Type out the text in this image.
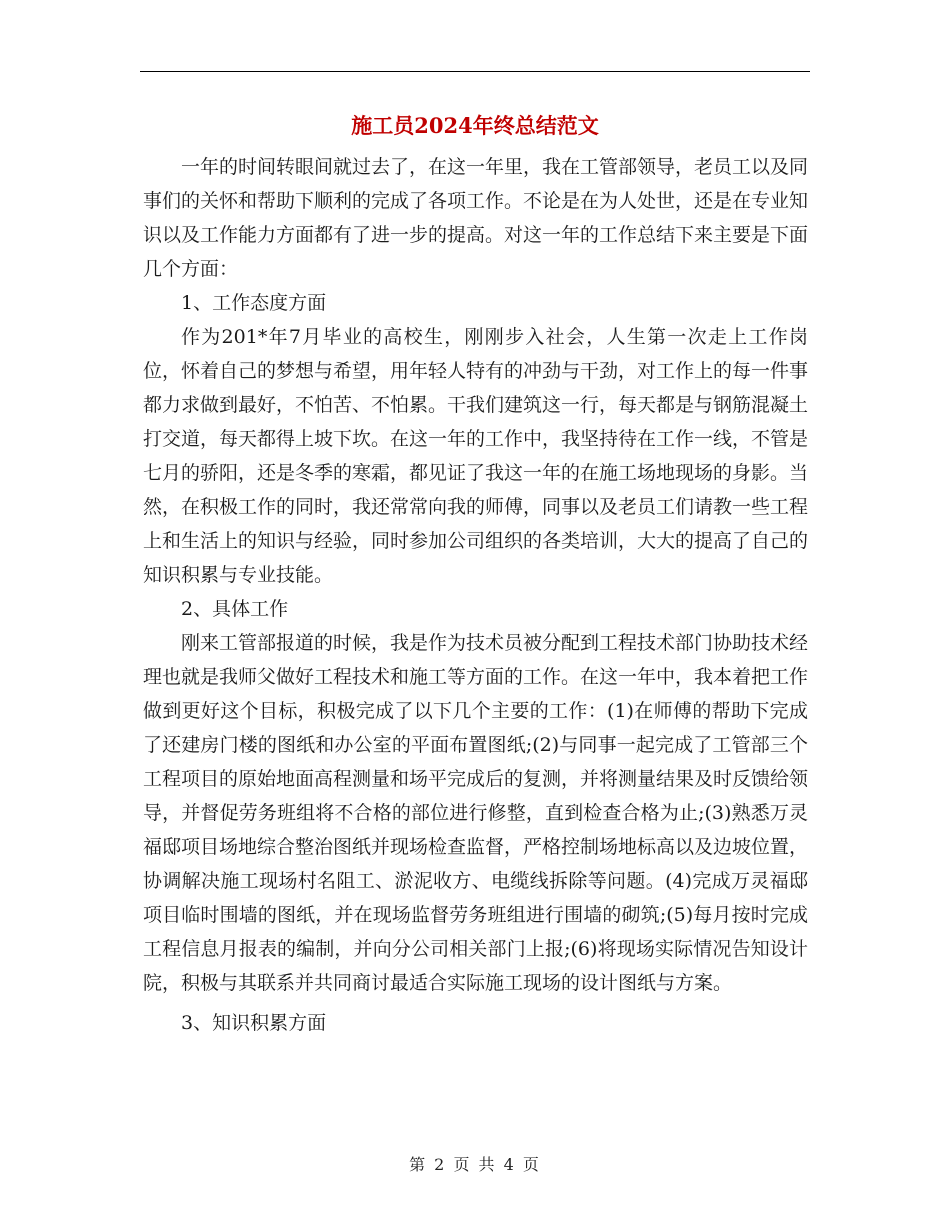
施工员2024年终总结范文

一年的时间转眼间就过去了，在这一年里，我在工管部领导，老员工以及同事们的关怀和帮助下顺利的完成了各项工作。不论是在为人处世，还是在专业知识以及工作能力方面都有了进一步的提高。对这一年的工作总结下来主要是下面几个方面：

1、工作态度方面

作为201*年7月毕业的高校生，刚刚步入社会，人生第一次走上工作岗位，怀着自己的梦想与希望，用年轻人特有的冲劲与干劲，对工作上的每一件事都力求做到最好，不怕苦、不怕累。干我们建筑这一行，每天都是与钢筋混凝土打交道，每天都得上坡下坎。在这一年的工作中，我坚持待在工作一线，不管是七月的骄阳，还是冬季的寒霜，都见证了我这一年的在施工场地现场的身影。当然，在积极工作的同时，我还常常向我的师傅，同事以及老员工们请教一些工程上和生活上的知识与经验，同时参加公司组织的各类培训，大大的提高了自己的知识积累与专业技能。

2、具体工作

刚来工管部报道的时候，我是作为技术员被分配到工程技术部门协助技术经理也就是我师父做好工程技术和施工等方面的工作。在这一年中，我本着把工作做到更好这个目标，积极完成了以下几个主要的工作：(1)在师傅的帮助下完成了还建房门楼的图纸和办公室的平面布置图纸;(2)与同事一起完成了工管部三个工程项目的原始地面高程测量和场平完成后的复测，并将测量结果及时反馈给领导，并督促劳务班组将不合格的部位进行修整，直到检查合格为止;(3)熟悉万灵福邸项目场地综合整治图纸并现场检查监督，严格控制场地标高以及边坡位置，协调解决施工现场村名阻工、淤泥收方、电缆线拆除等问题。(4)完成万灵福邸项目临时围墙的图纸，并在现场监督劳务班组进行围墙的砌筑;(5)每月按时完成工程信息月报表的编制，并向分公司相关部门上报;(6)将现场实际情况告知设计院，积极与其联系并共同商讨最适合实际施工现场的设计图纸与方案。

3、知识积累方面

第 2 页 共 4 页
